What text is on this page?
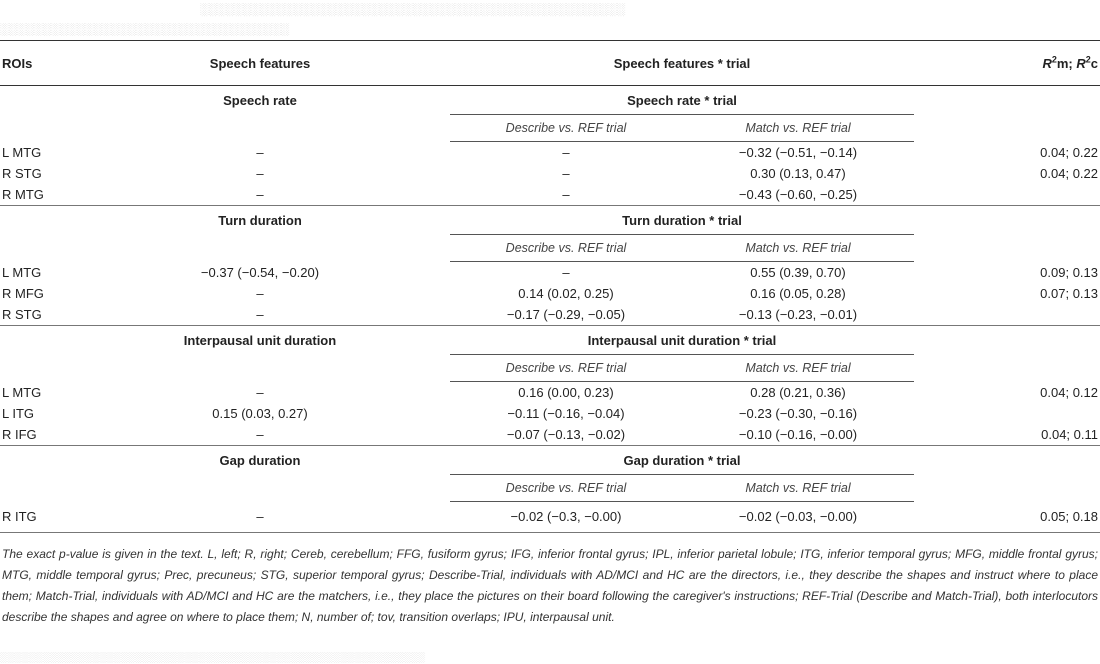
░░░░░░░░░░░░░░░░░░░░░░░░░░░░░░░░░░░░░░░░░░░░░░░░░░
░░░░░░░░░░░░░░░░░░░░░░░░░░░░░░░░░░
ROIs	Speech features		Speech features * trial			$R^2m$; $R^2c$
	Speech rate		Speech rate * trial			
			Describe vs. REF trial	Match vs. REF trial		
L MTG	–		–	−0.32 (−0.51, −0.14)		0.04; 0.22
R STG	–		–	0.30 (0.13, 0.47)		0.04; 0.22
R MTG	–		–	−0.43 (−0.60, −0.25)		
	Turn duration		Turn duration * trial			
			Describe vs. REF trial	Match vs. REF trial		
L MTG	−0.37 (−0.54, −0.20)		–	0.55 (0.39, 0.70)		0.09; 0.13
R MFG	–		0.14 (0.02, 0.25)	0.16 (0.05, 0.28)		0.07; 0.13
R STG	–		−0.17 (−0.29, −0.05)	−0.13 (−0.23, −0.01)		
	Interpausal unit duration		Interpausal unit duration * trial			
			Describe vs. REF trial	Match vs. REF trial		
L MTG	–		0.16 (0.00, 0.23)	0.28 (0.21, 0.36)		0.04; 0.12
L ITG	0.15 (0.03, 0.27)		−0.11 (−0.16, −0.04)	−0.23 (−0.30, −0.16)		
R IFG	–		−0.07 (−0.13, −0.02)	−0.10 (−0.16, −0.00)		0.04; 0.11
	Gap duration		Gap duration * trial			
			Describe vs. REF trial	Match vs. REF trial		
R ITG	–		−0.02 (−0.3, −0.00)	−0.02 (−0.03, −0.00)		0.05; 0.18
The exact p-value is given in the text. L, left; R, right; Cereb, cerebellum; FFG, fusiform gyrus; IFG, inferior frontal gyrus; IPL, inferior parietal lobule; ITG, inferior temporal gyrus; MFG, middle frontal gyrus; MTG, middle temporal gyrus; Prec, precuneus; STG, superior temporal gyrus; Describe-Trial, individuals with AD/MCI and HC are the directors, i.e., they describe the shapes and instruct where to place them; Match-Trial, individuals with AD/MCI and HC are the matchers, i.e., they place the pictures on their board following the caregiver's instructions; REF-Trial (Describe and Match-Trial), both interlocutors describe the shapes and agree on where to place them; N, number of; tov, transition overlaps; IPU, interpausal unit.
░░░░░░░░░░░░░░░░░░░░░░░░░░░░░░░░░░░░░░░░░░░░░░░░░░░░░░░░░░░░
